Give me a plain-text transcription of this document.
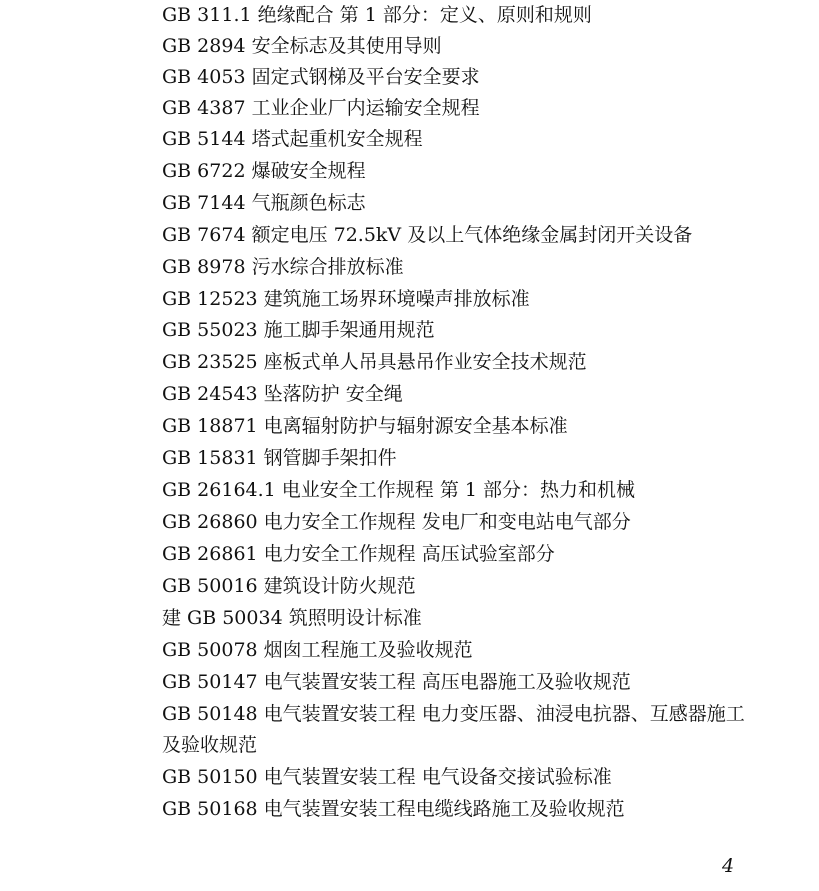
GB 311.1 绝缘配合 第 1 部分：定义、原则和规则
GB 2894 安全标志及其使用导则
GB 4053 固定式钢梯及平台安全要求
GB 4387 工业企业厂内运输安全规程
GB 5144 塔式起重机安全规程
GB 6722 爆破安全规程
GB 7144 气瓶颜色标志
GB 7674 额定电压 72.5kV 及以上气体绝缘金属封闭开关设备
GB 8978 污水综合排放标准
GB 12523 建筑施工场界环境噪声排放标准
GB 55023 施工脚手架通用规范
GB 23525 座板式单人吊具悬吊作业安全技术规范
GB 24543 坠落防护 安全绳
GB 18871 电离辐射防护与辐射源安全基本标准
GB 15831 钢管脚手架扣件
GB 26164.1 电业安全工作规程 第 1 部分：热力和机械
GB 26860 电力安全工作规程 发电厂和变电站电气部分
GB 26861 电力安全工作规程 高压试验室部分
GB 50016 建筑设计防火规范
建 GB 50034 筑照明设计标准
GB 50078 烟囱工程施工及验收规范
GB 50147 电气装置安装工程 高压电器施工及验收规范
GB 50148 电气装置安装工程 电力变压器、油浸电抗器、互感器施工及验收规范
GB 50150 电气装置安装工程 电气设备交接试验标准
GB 50168 电气装置安装工程电缆线路施工及验收规范
4
